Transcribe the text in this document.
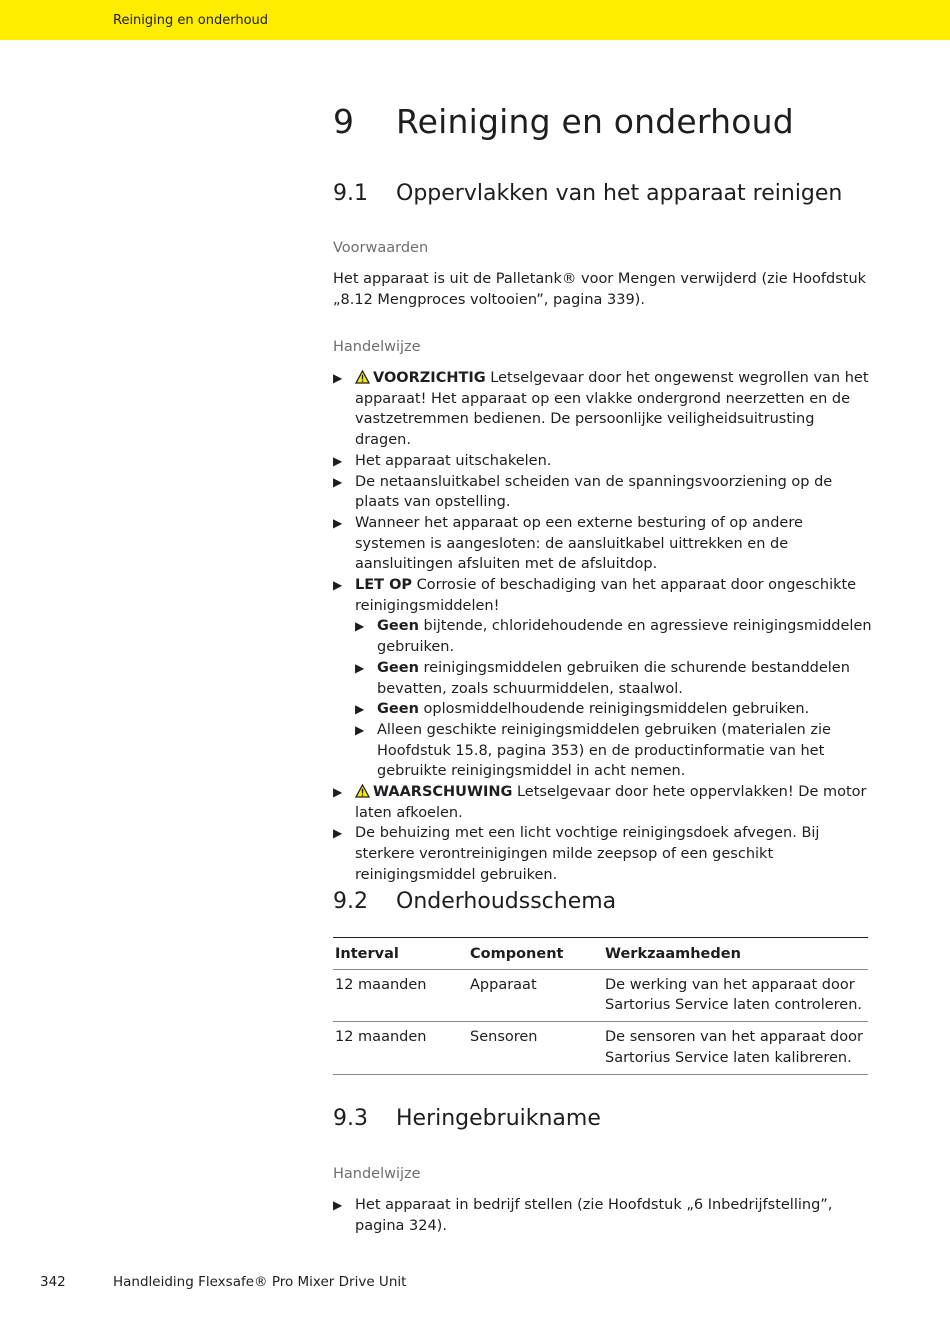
Reiniging en onderhoud
9 Reiniging en onderhoud
9.1 Oppervlakken van het apparaat reinigen

Voorwaarden

Het apparaat is uit de Palletank® voor Mengen verwijderd (zie Hoofdstuk „8.12 Mengproces voltooien”, pagina 339).

Handelwijze

▶ VOORZICHTIG Letselgevaar door het ongewenst wegrollen van het apparaat! Het apparaat op een vlakke ondergrond neerzetten en de vastzetremmen bedienen. De persoonlijke veiligheidsuitrusting dragen.
▶ Het apparaat uitschakelen.
▶ De netaansluitkabel scheiden van de spanningsvoorziening op de plaats van opstelling.
▶ Wanneer het apparaat op een externe besturing of op andere systemen is aangesloten: de aansluitkabel uittrekken en de aansluitingen afsluiten met de afsluitdop.
▶ LET OP Corrosie of beschadiging van het apparaat door ongeschikte reinigingsmiddelen!
▶ Geen bijtende, chloridehoudende en agressieve reinigingsmiddelen gebruiken.
▶ Geen reinigingsmiddelen gebruiken die schurende bestanddelen bevatten, zoals schuurmiddelen, staalwol.
▶ Geen oplosmiddelhoudende reinigingsmiddelen gebruiken.
▶ Alleen geschikte reinigingsmiddelen gebruiken (materialen zie Hoofdstuk 15.8, pagina 353) en de productinformatie van het gebruikte reinigingsmiddel in acht nemen.
▶ WAARSCHUWING Letselgevaar door hete oppervlakken! De motor laten afkoelen.
▶ De behuizing met een licht vochtige reinigingsdoek afvegen. Bij sterkere verontreinigingen milde zeepsop of een geschikt reinigingsmiddel gebruiken.
9.2 Onderhoudsschema
Interval	Component	Werkzaamheden
12 maanden	Apparaat	De werking van het apparaat door Sartorius Service laten controleren.
12 maanden	Sensoren	De sensoren van het apparaat door Sartorius Service laten kalibreren.
9.3 Heringebruikname

Handelwijze

▶ Het apparaat in bedrijf stellen (zie Hoofdstuk „6 Inbedrijfstelling”, pagina 324).
342	Handleiding Flexsafe® Pro Mixer Drive Unit
